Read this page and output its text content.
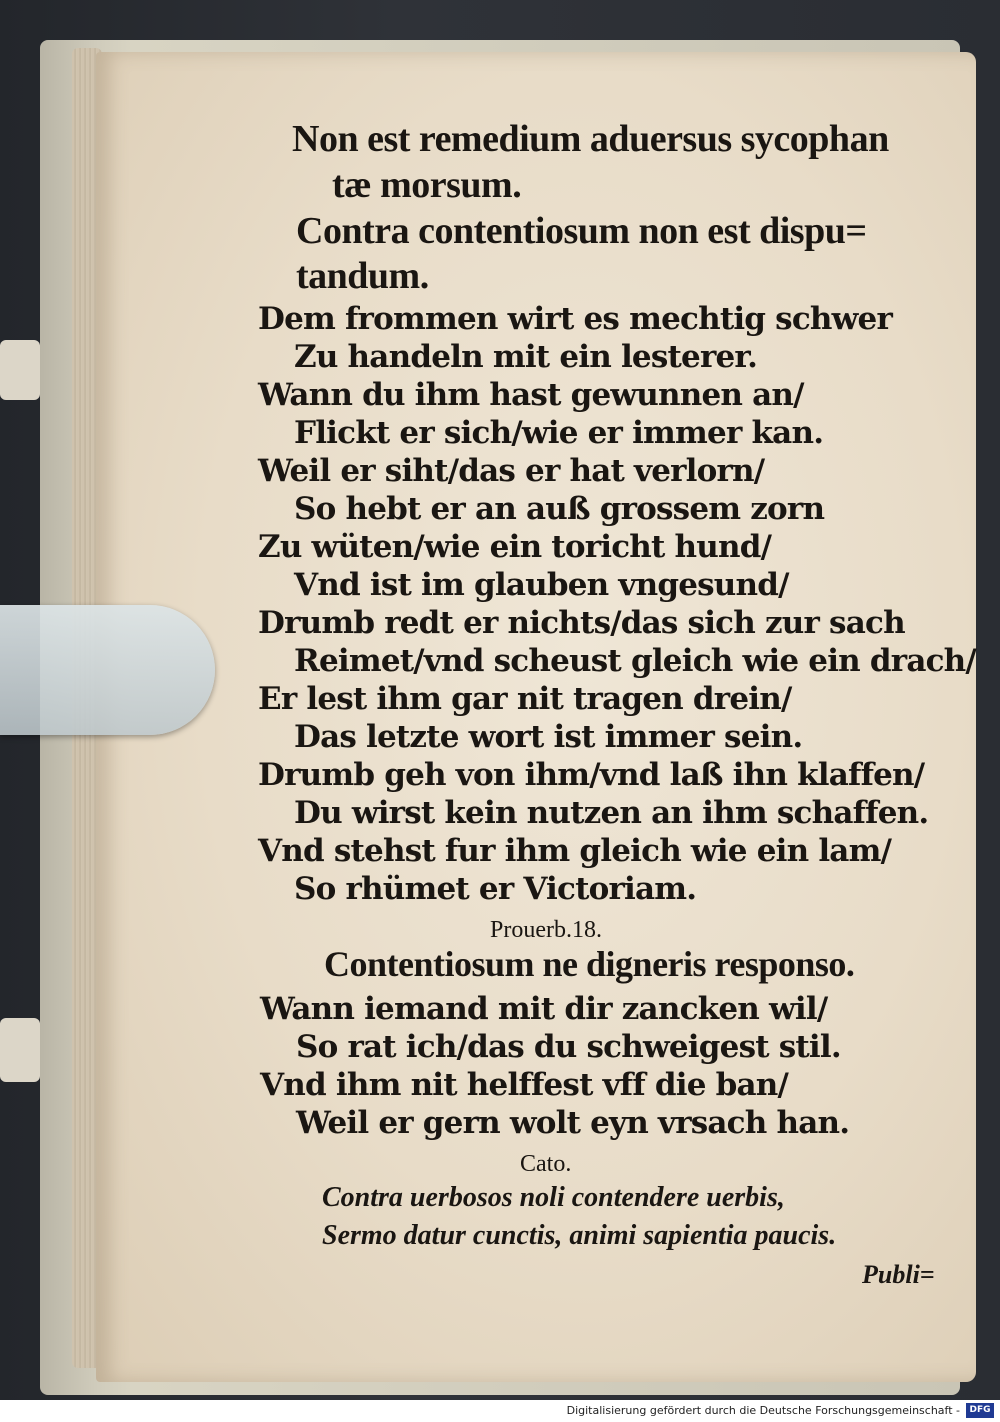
Non est remedium aduersus sycophan

tæ morsum.

Contra contentiosum non est dispu=

tandum.

Dem frommen wirt es mechtig schwer

Zu handeln mit ein lesterer.

Wann du ihm hast gewunnen an/

Flickt er sich/wie er immer kan.

Weil er siht/das er hat verlorn/

So hebt er an auß grossem zorn

Zu wüten/wie ein toricht hund/

Vnd ist im glauben vngesund/

Drumb redt er nichts/das sich zur sach

Reimet/vnd scheust gleich wie ein drach/

Er lest ihm gar nit tragen drein/

Das letzte wort ist immer sein.

Drumb geh von ihm/vnd laß ihn klaffen/

Du wirst kein nutzen an ihm schaffen.

Vnd stehst fur ihm gleich wie ein lam/

So rhümet er Victoriam.

Prouerb.18.

Contentiosum ne digneris responso.

Wann iemand mit dir zancken wil/

So rat ich/das du schweigest stil.

Vnd ihm nit helffest vff die ban/

Weil er gern wolt eyn vrsach han.

Cato.

Contra uerbosos noli contendere uerbis,

Sermo datur cunctis, animi sapientia paucis.

Publi=

Digitalisierung gefördert durch die Deutsche Forschungsgemeinschaft -	DFG
